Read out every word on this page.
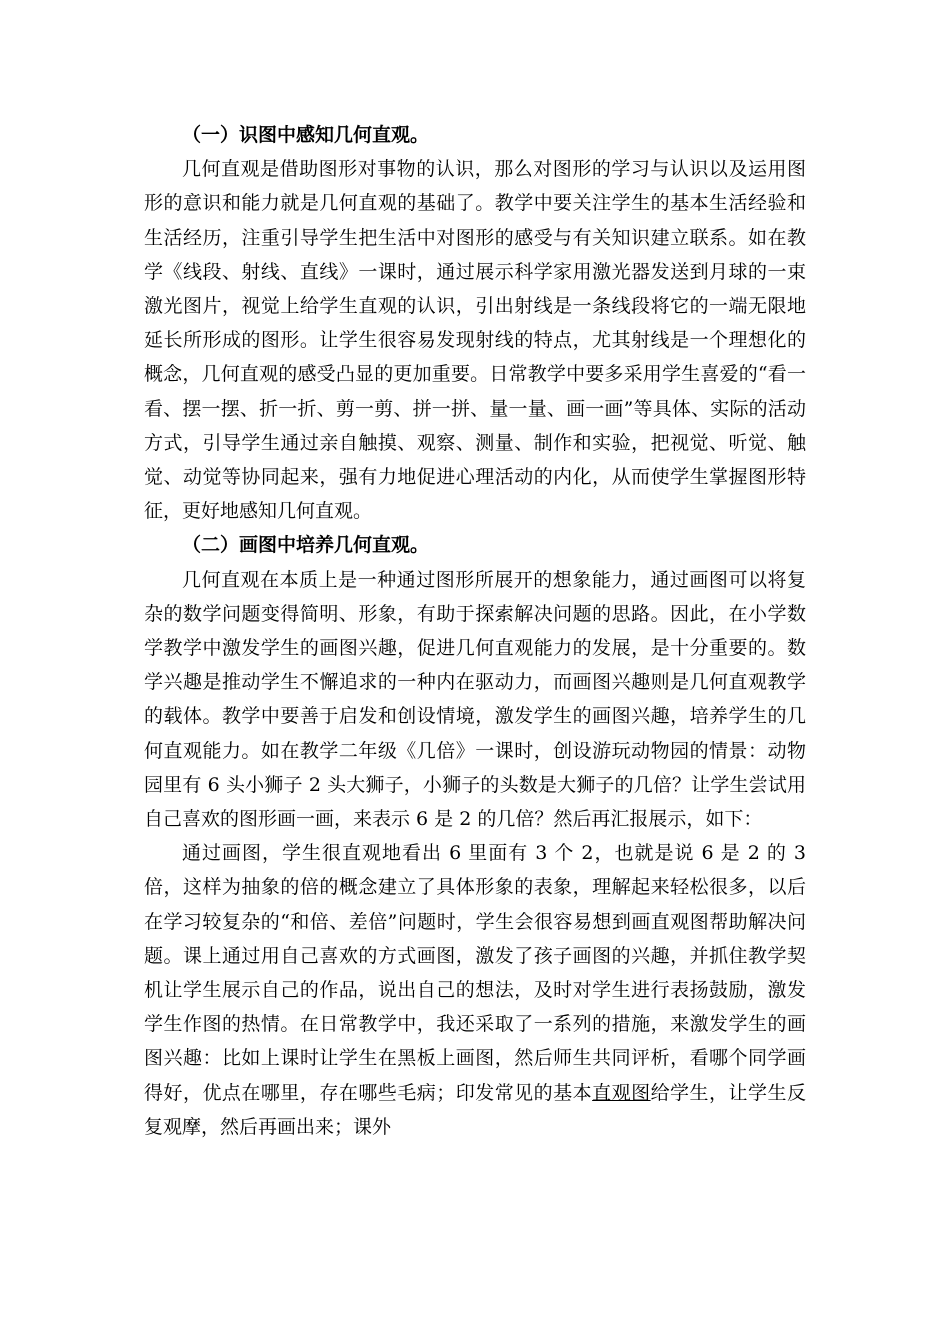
（一）识图中感知几何直观。

几何直观是借助图形对事物的认识，那么对图形的学习与认识以及运用图形的意识和能力就是几何直观的基础了。教学中要关注学生的基本生活经验和生活经历，注重引导学生把生活中对图形的感受与有关知识建立联系。如在教学《线段、射线、直线》一课时，通过展示科学家用激光器发送到月球的一束激光图片，视觉上给学生直观的认识，引出射线是一条线段将它的一端无限地延长所形成的图形。让学生很容易发现射线的特点，尤其射线是一个理想化的概念，几何直观的感受凸显的更加重要。日常教学中要多采用学生喜爱的“看一看、摆一摆、折一折、剪一剪、拼一拼、量一量、画一画”等具体、实际的活动方式，引导学生通过亲自触摸、观察、测量、制作和实验，把视觉、听觉、触觉、动觉等协同起来，强有力地促进心理活动的内化，从而使学生掌握图形特征，更好地感知几何直观。

（二）画图中培养几何直观。

几何直观在本质上是一种通过图形所展开的想象能力，通过画图可以将复杂的数学问题变得简明、形象，有助于探索解决问题的思路。因此，在小学数学教学中激发学生的画图兴趣，促进几何直观能力的发展，是十分重要的。数学兴趣是推动学生不懈追求的一种内在驱动力，而画图兴趣则是几何直观教学的载体。教学中要善于启发和创设情境，激发学生的画图兴趣，培养学生的几何直观能力。如在教学二年级《几倍》一课时，创设游玩动物园的情景：动物园里有 6 头小狮子 2 头大狮子，小狮子的头数是大狮子的几倍？让学生尝试用自己喜欢的图形画一画，来表示 6 是 2 的几倍？然后再汇报展示，如下：

通过画图，学生很直观地看出 6 里面有 3 个 2，也就是说 6 是 2 的 3 倍，这样为抽象的倍的概念建立了具体形象的表象，理解起来轻松很多，以后在学习较复杂的“和倍、差倍”问题时，学生会很容易想到画直观图帮助解决问题。课上通过用自己喜欢的方式画图，激发了孩子画图的兴趣，并抓住教学契机让学生展示自己的作品，说出自己的想法，及时对学生进行表扬鼓励，激发学生作图的热情。在日常教学中，我还采取了一系列的措施，来激发学生的画图兴趣：比如上课时让学生在黑板上画图，然后师生共同评析，看哪个同学画得好，优点在哪里，存在哪些毛病；印发常见的基本直观图给学生，让学生反复观摩，然后再画出来；课外
